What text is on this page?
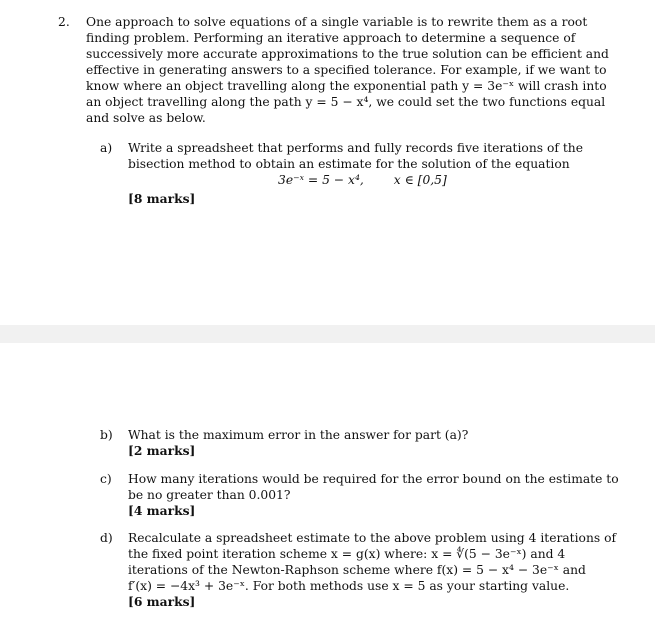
2. One approach to solve equations of a single variable is to rewrite them as a root
finding problem. Performing an iterative approach to determine a sequence of
successively more accurate approximations to the true solution can be efficient and
effective in generating answers to a specified tolerance. For example, if we want to
know where an object travelling along the exponential path y = 3e⁻ˣ will crash into
an object travelling along the path y = 5 − x⁴, we could set the two functions equal
and solve as below.
a) Write a spreadsheet that performs and fully records five iterations of the
bisection method to obtain an estimate for the solution of the equation
3e⁻ˣ = 5 − x⁴, x ∈ [0,5]
[8 marks]
b) What is the maximum error in the answer for part (a)?
[2 marks]
c) How many iterations would be required for the error bound on the estimate to
be no greater than 0.001?
[4 marks]
d) Recalculate a spreadsheet estimate to the above problem using 4 iterations of
the fixed point iteration scheme x = g(x) where: x = ∜(5 − 3e⁻ˣ) and 4
iterations of the Newton-Raphson scheme where f(x) = 5 − x⁴ − 3e⁻ˣ and
f′(x) = −4x³ + 3e⁻ˣ. For both methods use x = 5 as your starting value.
[6 marks]
